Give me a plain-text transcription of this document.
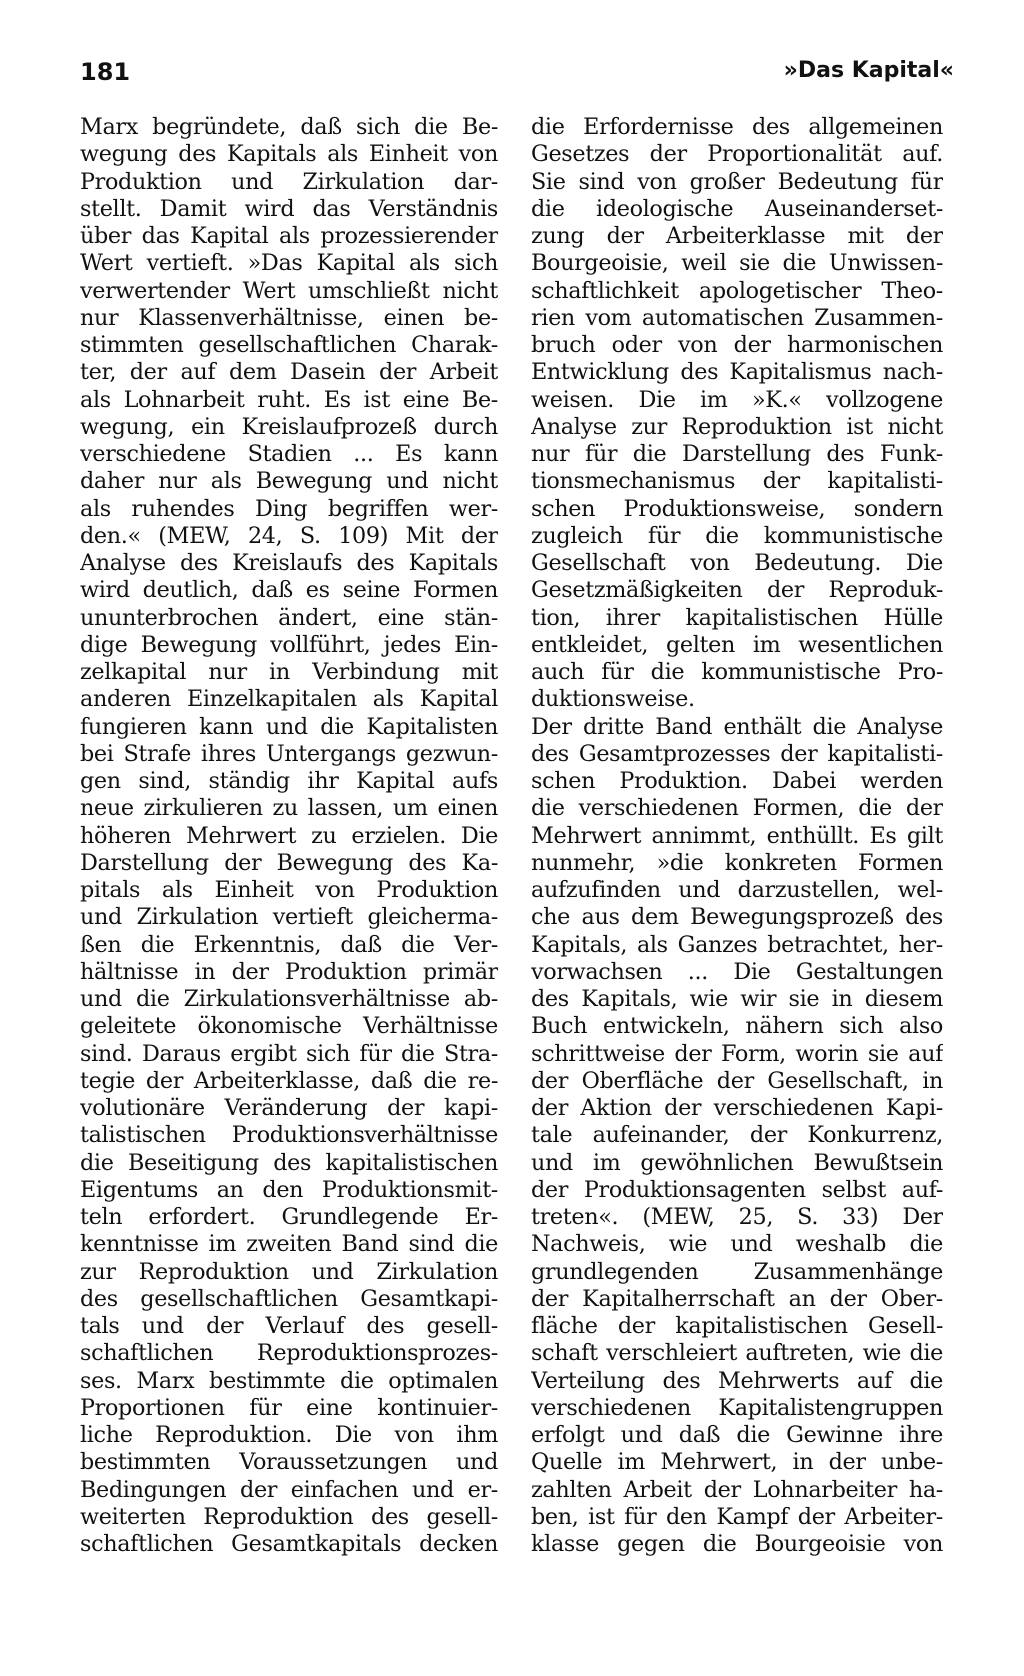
181	»Das Kapital«
Marx begründete, daß sich die Be-
wegung des Kapitals als Einheit von
Produktion und Zirkulation dar-
stellt. Damit wird das Verständnis
über das Kapital als prozessierender
Wert vertieft. »Das Kapital als sich
verwertender Wert umschließt nicht
nur Klassenverhältnisse, einen be-
stimmten gesellschaftlichen Charak-
ter, der auf dem Dasein der Arbeit
als Lohnarbeit ruht. Es ist eine Be-
wegung, ein Kreislaufprozeß durch
verschiedene Stadien ... Es kann
daher nur als Bewegung und nicht
als ruhendes Ding begriffen wer-
den.« (MEW, 24, S. 109) Mit der
Analyse des Kreislaufs des Kapitals
wird deutlich, daß es seine Formen
ununterbrochen ändert, eine stän-
dige Bewegung vollführt, jedes Ein-
zelkapital nur in Verbindung mit
anderen Einzelkapitalen als Kapital
fungieren kann und die Kapitalisten
bei Strafe ihres Untergangs gezwun-
gen sind, ständig ihr Kapital aufs
neue zirkulieren zu lassen, um einen
höheren Mehrwert zu erzielen. Die
Darstellung der Bewegung des Ka-
pitals als Einheit von Produktion
und Zirkulation vertieft gleicherma-
ßen die Erkenntnis, daß die Ver-
hältnisse in der Produktion primär
und die Zirkulationsverhältnisse ab-
geleitete ökonomische Verhältnisse
sind. Daraus ergibt sich für die Stra-
tegie der Arbeiterklasse, daß die re-
volutionäre Veränderung der kapi-
talistischen Produktionsverhältnisse
die Beseitigung des kapitalistischen
Eigentums an den Produktionsmit-
teln erfordert. Grundlegende Er-
kenntnisse im zweiten Band sind die
zur Reproduktion und Zirkulation
des gesellschaftlichen Gesamtkapi-
tals und der Verlauf des gesell-
schaftlichen Reproduktionsprozes-
ses. Marx bestimmte die optimalen
Proportionen für eine kontinuier-
liche Reproduktion. Die von ihm
bestimmten Voraussetzungen und
Bedingungen der einfachen und er-
weiterten Reproduktion des gesell-
schaftlichen Gesamtkapitals decken
die Erfordernisse des allgemeinen
Gesetzes der Proportionalität auf.
Sie sind von großer Bedeutung für
die ideologische Auseinanderset-
zung der Arbeiterklasse mit der
Bourgeoisie, weil sie die Unwissen-
schaftlichkeit apologetischer Theo-
rien vom automatischen Zusammen-
bruch oder von der harmonischen
Entwicklung des Kapitalismus nach-
weisen. Die im »K.« vollzogene
Analyse zur Reproduktion ist nicht
nur für die Darstellung des Funk-
tionsmechanismus der kapitalisti-
schen Produktionsweise, sondern
zugleich für die kommunistische
Gesellschaft von Bedeutung. Die
Gesetzmäßigkeiten der Reproduk-
tion, ihrer kapitalistischen Hülle
entkleidet, gelten im wesentlichen
auch für die kommunistische Pro-
duktionsweise.
Der dritte Band enthält die Analyse
des Gesamtprozesses der kapitalisti-
schen Produktion. Dabei werden
die verschiedenen Formen, die der
Mehrwert annimmt, enthüllt. Es gilt
nunmehr, »die konkreten Formen
aufzufinden und darzustellen, wel-
che aus dem Bewegungsprozeß des
Kapitals, als Ganzes betrachtet, her-
vorwachsen ... Die Gestaltungen
des Kapitals, wie wir sie in diesem
Buch entwickeln, nähern sich also
schrittweise der Form, worin sie auf
der Oberfläche der Gesellschaft, in
der Aktion der verschiedenen Kapi-
tale aufeinander, der Konkurrenz,
und im gewöhnlichen Bewußtsein
der Produktionsagenten selbst auf-
treten«. (MEW, 25, S. 33) Der
Nachweis, wie und weshalb die
grundlegenden Zusammenhänge
der Kapitalherrschaft an der Ober-
fläche der kapitalistischen Gesell-
schaft verschleiert auftreten, wie die
Verteilung des Mehrwerts auf die
verschiedenen Kapitalistengruppen
erfolgt und daß die Gewinne ihre
Quelle im Mehrwert, in der unbe-
zahlten Arbeit der Lohnarbeiter ha-
ben, ist für den Kampf der Arbeiter-
klasse gegen die Bourgeoisie von
